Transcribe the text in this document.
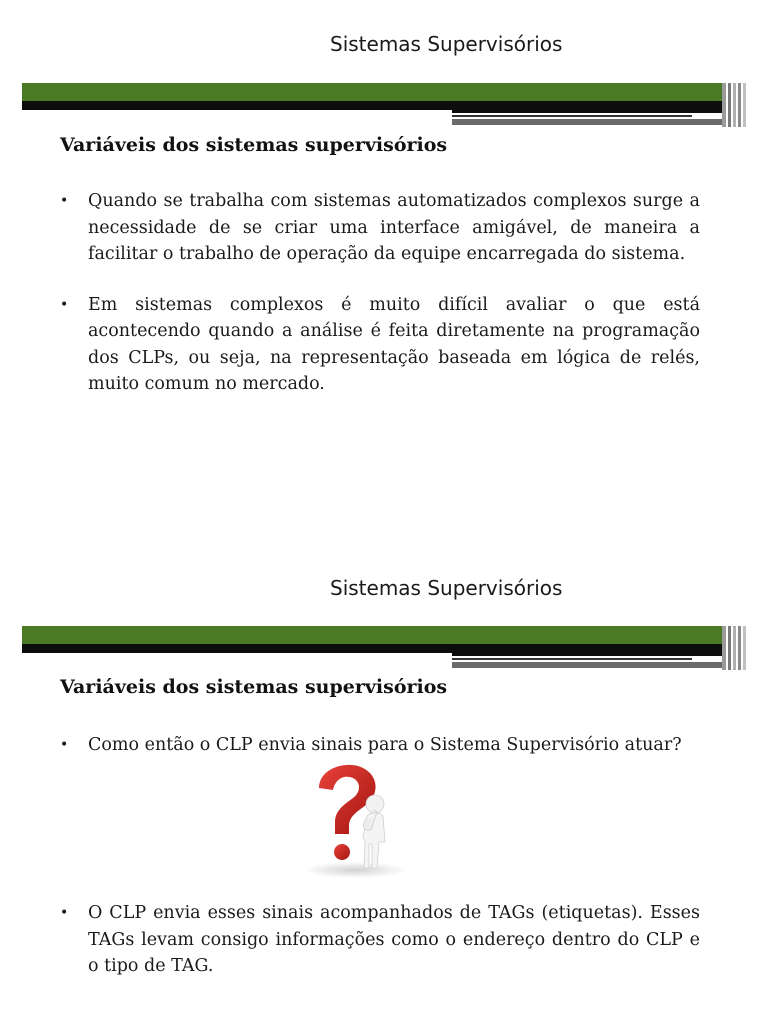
Sistemas Supervisórios
Variáveis dos sistemas supervisórios
• Quando se trabalha com sistemas automatizados complexos surge a necessidade de se criar uma interface amigável, de maneira a facilitar o trabalho de operação da equipe encarregada do sistema.
• Em sistemas complexos é muito difícil avaliar o que está acontecendo quando a análise é feita diretamente na programação dos CLPs, ou seja, na representação baseada em lógica de relés, muito comum no mercado.
Sistemas Supervisórios
Variáveis dos sistemas supervisórios
• Como então o CLP envia sinais para o Sistema Supervisório atuar?
• O CLP envia esses sinais acompanhados de TAGs (etiquetas). Esses TAGs levam consigo informações como o endereço dentro do CLP e o tipo de TAG.
